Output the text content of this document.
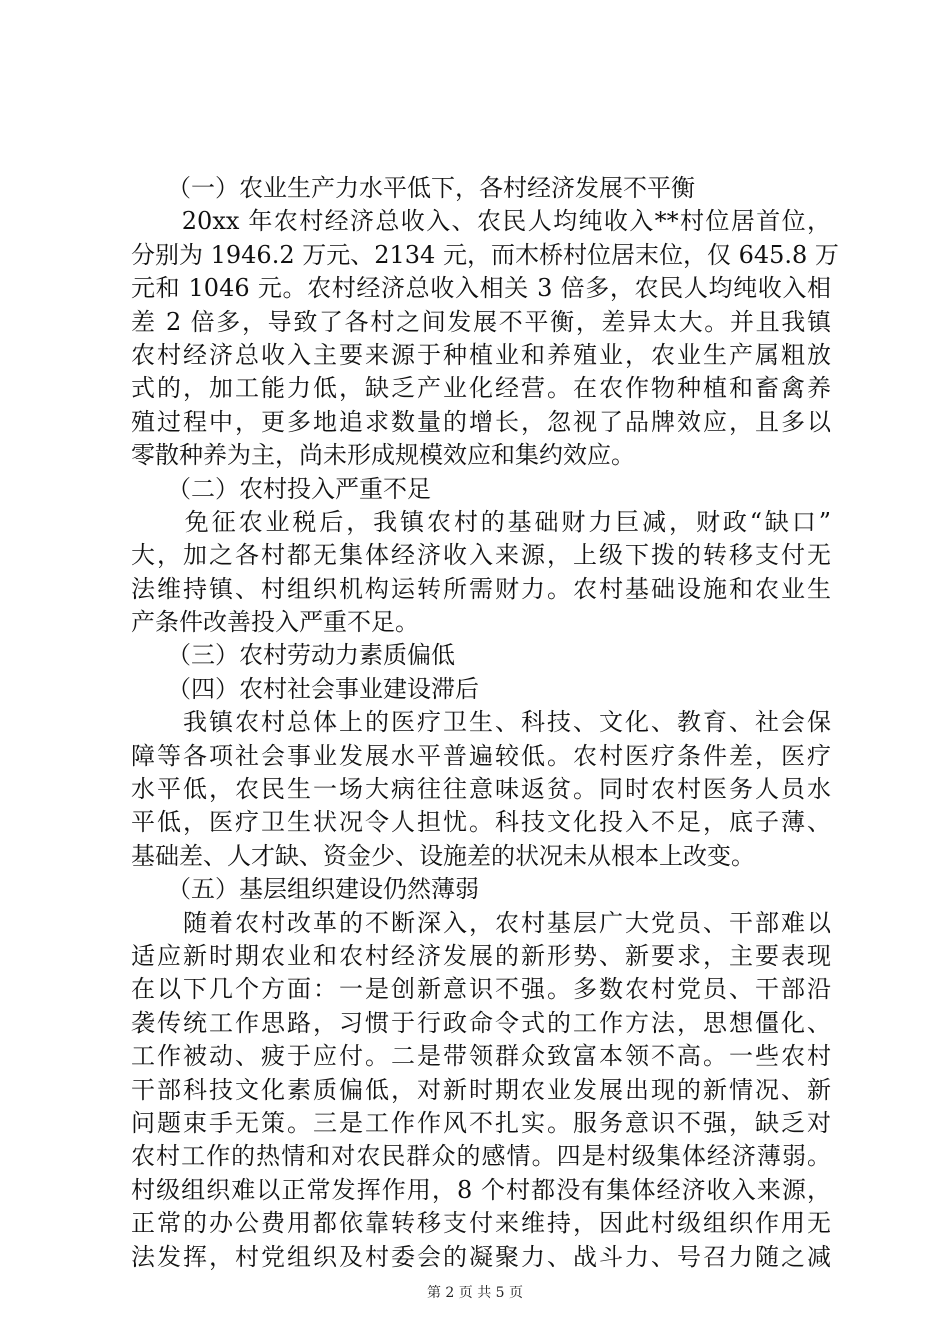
　　（一）农业生产力水平低下，各村经济发展不平衡
　　20xx 年农村经济总收入、农民人均纯收入**村位居首位，
分别为 1946.2 万元、2134 元，而木桥村位居末位，仅 645.8 万
元和 1046 元。农村经济总收入相关 3 倍多，农民人均纯收入相
差 2 倍多，导致了各村之间发展不平衡，差异太大。并且我镇
农村经济总收入主要来源于种植业和养殖业，农业生产属粗放
式的，加工能力低，缺乏产业化经营。在农作物种植和畜禽养
殖过程中，更多地追求数量的增长，忽视了品牌效应，且多以
零散种养为主，尚未形成规模效应和集约效应。
　　（二）农村投入严重不足
　　免征农业税后，我镇农村的基础财力巨减，财政“缺口”
大，加之各村都无集体经济收入来源，上级下拨的转移支付无
法维持镇、村组织机构运转所需财力。农村基础设施和农业生
产条件改善投入严重不足。
　　（三）农村劳动力素质偏低
　　（四）农村社会事业建设滞后
　　我镇农村总体上的医疗卫生、科技、文化、教育、社会保
障等各项社会事业发展水平普遍较低。农村医疗条件差，医疗
水平低，农民生一场大病往往意味返贫。同时农村医务人员水
平低，医疗卫生状况令人担忧。科技文化投入不足，底子薄、
基础差、人才缺、资金少、设施差的状况未从根本上改变。
　　（五）基层组织建设仍然薄弱
　　随着农村改革的不断深入，农村基层广大党员、干部难以
适应新时期农业和农村经济发展的新形势、新要求，主要表现
在以下几个方面：一是创新意识不强。多数农村党员、干部沿
袭传统工作思路，习惯于行政命令式的工作方法，思想僵化、
工作被动、疲于应付。二是带领群众致富本领不高。一些农村
干部科技文化素质偏低，对新时期农业发展出现的新情况、新
问题束手无策。三是工作作风不扎实。服务意识不强，缺乏对
农村工作的热情和对农民群众的感情。四是村级集体经济薄弱。
村级组织难以正常发挥作用，8 个村都没有集体经济收入来源，
正常的办公费用都依靠转移支付来维持，因此村级组织作用无
法发挥，村党组织及村委会的凝聚力、战斗力、号召力随之减
第 2 页 共 5 页
